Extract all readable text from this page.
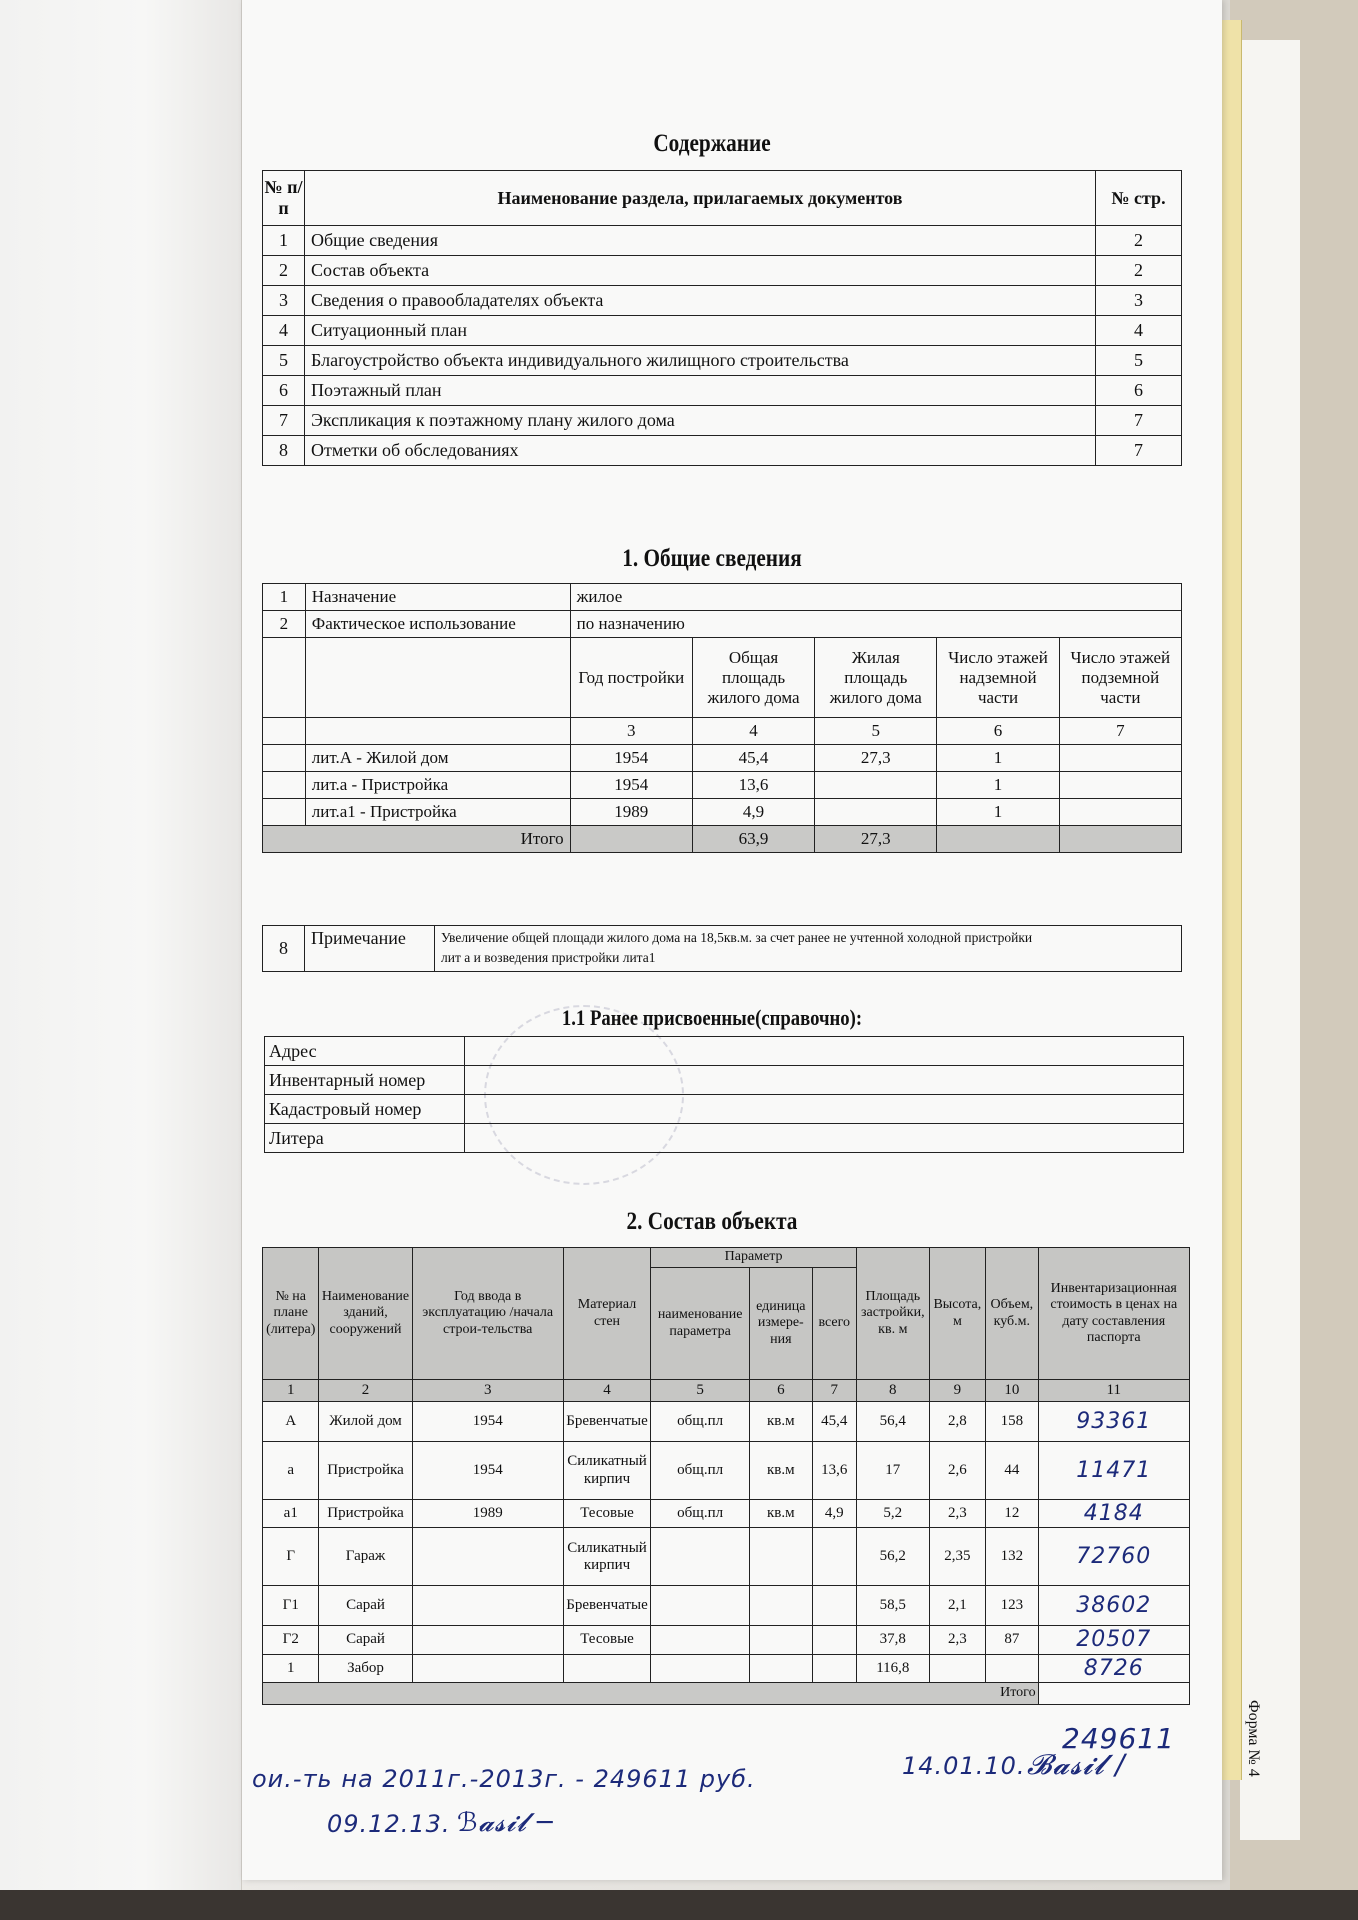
Форма № 4
Содержание
№ п/п	Наименование раздела, прилагаемых документов	№ стр.
1	Общие сведения	2
2	Состав объекта	2
3	Сведения о правообладателях объекта	3
4	Ситуационный план	4
5	Благоустройство объекта индивидуального жилищного строительства	5
6	Поэтажный план	6
7	Экспликация к поэтажному плану жилого дома	7
8	Отметки об обследованиях	7
1. Общие сведения
1	Назначение	жилое				
2	Фактическое использование	по назначению				
		Год постройки	Общая площадь жилого дома	Жилая площадь жилого дома	Число этажей надземной части	Число этажей подземной части
		3	4	5	6	7
	лит.А - Жилой дом	1954	45,4	27,3	1	
	лит.а - Пристройка	1954	13,6		1	
	лит.а1 - Пристройка	1989	4,9		1	
Итого			63,9	27,3		
8	Примечание	Увеличение общей площади жилого дома на 18,5кв.м. за счет ранее не учтенной холодной пристройки
лит а и возведения пристройки лита1
1.1 Ранее присвоенные(справочно):
Адрес	
Инвентарный номер	
Кадастровый номер	
Литера	
2. Состав объекта
№ на плане (литера)	Наименование зданий, сооружений	Год ввода в эксплуатацию /начала строи-тельства	Материал стен	Параметр			Площадь застройки, кв. м	Высота, м	Объем, куб.м.	Инвентаризационная стоимость в ценах на дату составления паспорта
				наименование параметра	единица измере-ния	всего				
1	2	3	4	5	6	7	8	9	10	11
А	Жилой дом	1954	Бревенчатые	общ.пл	кв.м	45,4	56,4	2,8	158	93361
а	Пристройка	1954	Силикатный кирпич	общ.пл	кв.м	13,6	17	2,6	44	11471
а1	Пристройка	1989	Тесовые	общ.пл	кв.м	4,9	5,2	2,3	12	4184
Г	Гараж		Силикатный кирпич				56,2	2,35	132	72760
Г1	Сарай		Бревенчатые				58,5	2,1	123	38602
Г2	Сарай		Тесовые				37,8	2,3	87	20507
1	Забор						116,8			8726
Итого										
249611
ои.-ть на 2011г.-2013г. - 249611 руб.
09.12.13. ℬ𝓪𝓼𝓲𝓵 ─
14.01.10. 𝓑𝓪𝓼𝓲𝓵 ∕
